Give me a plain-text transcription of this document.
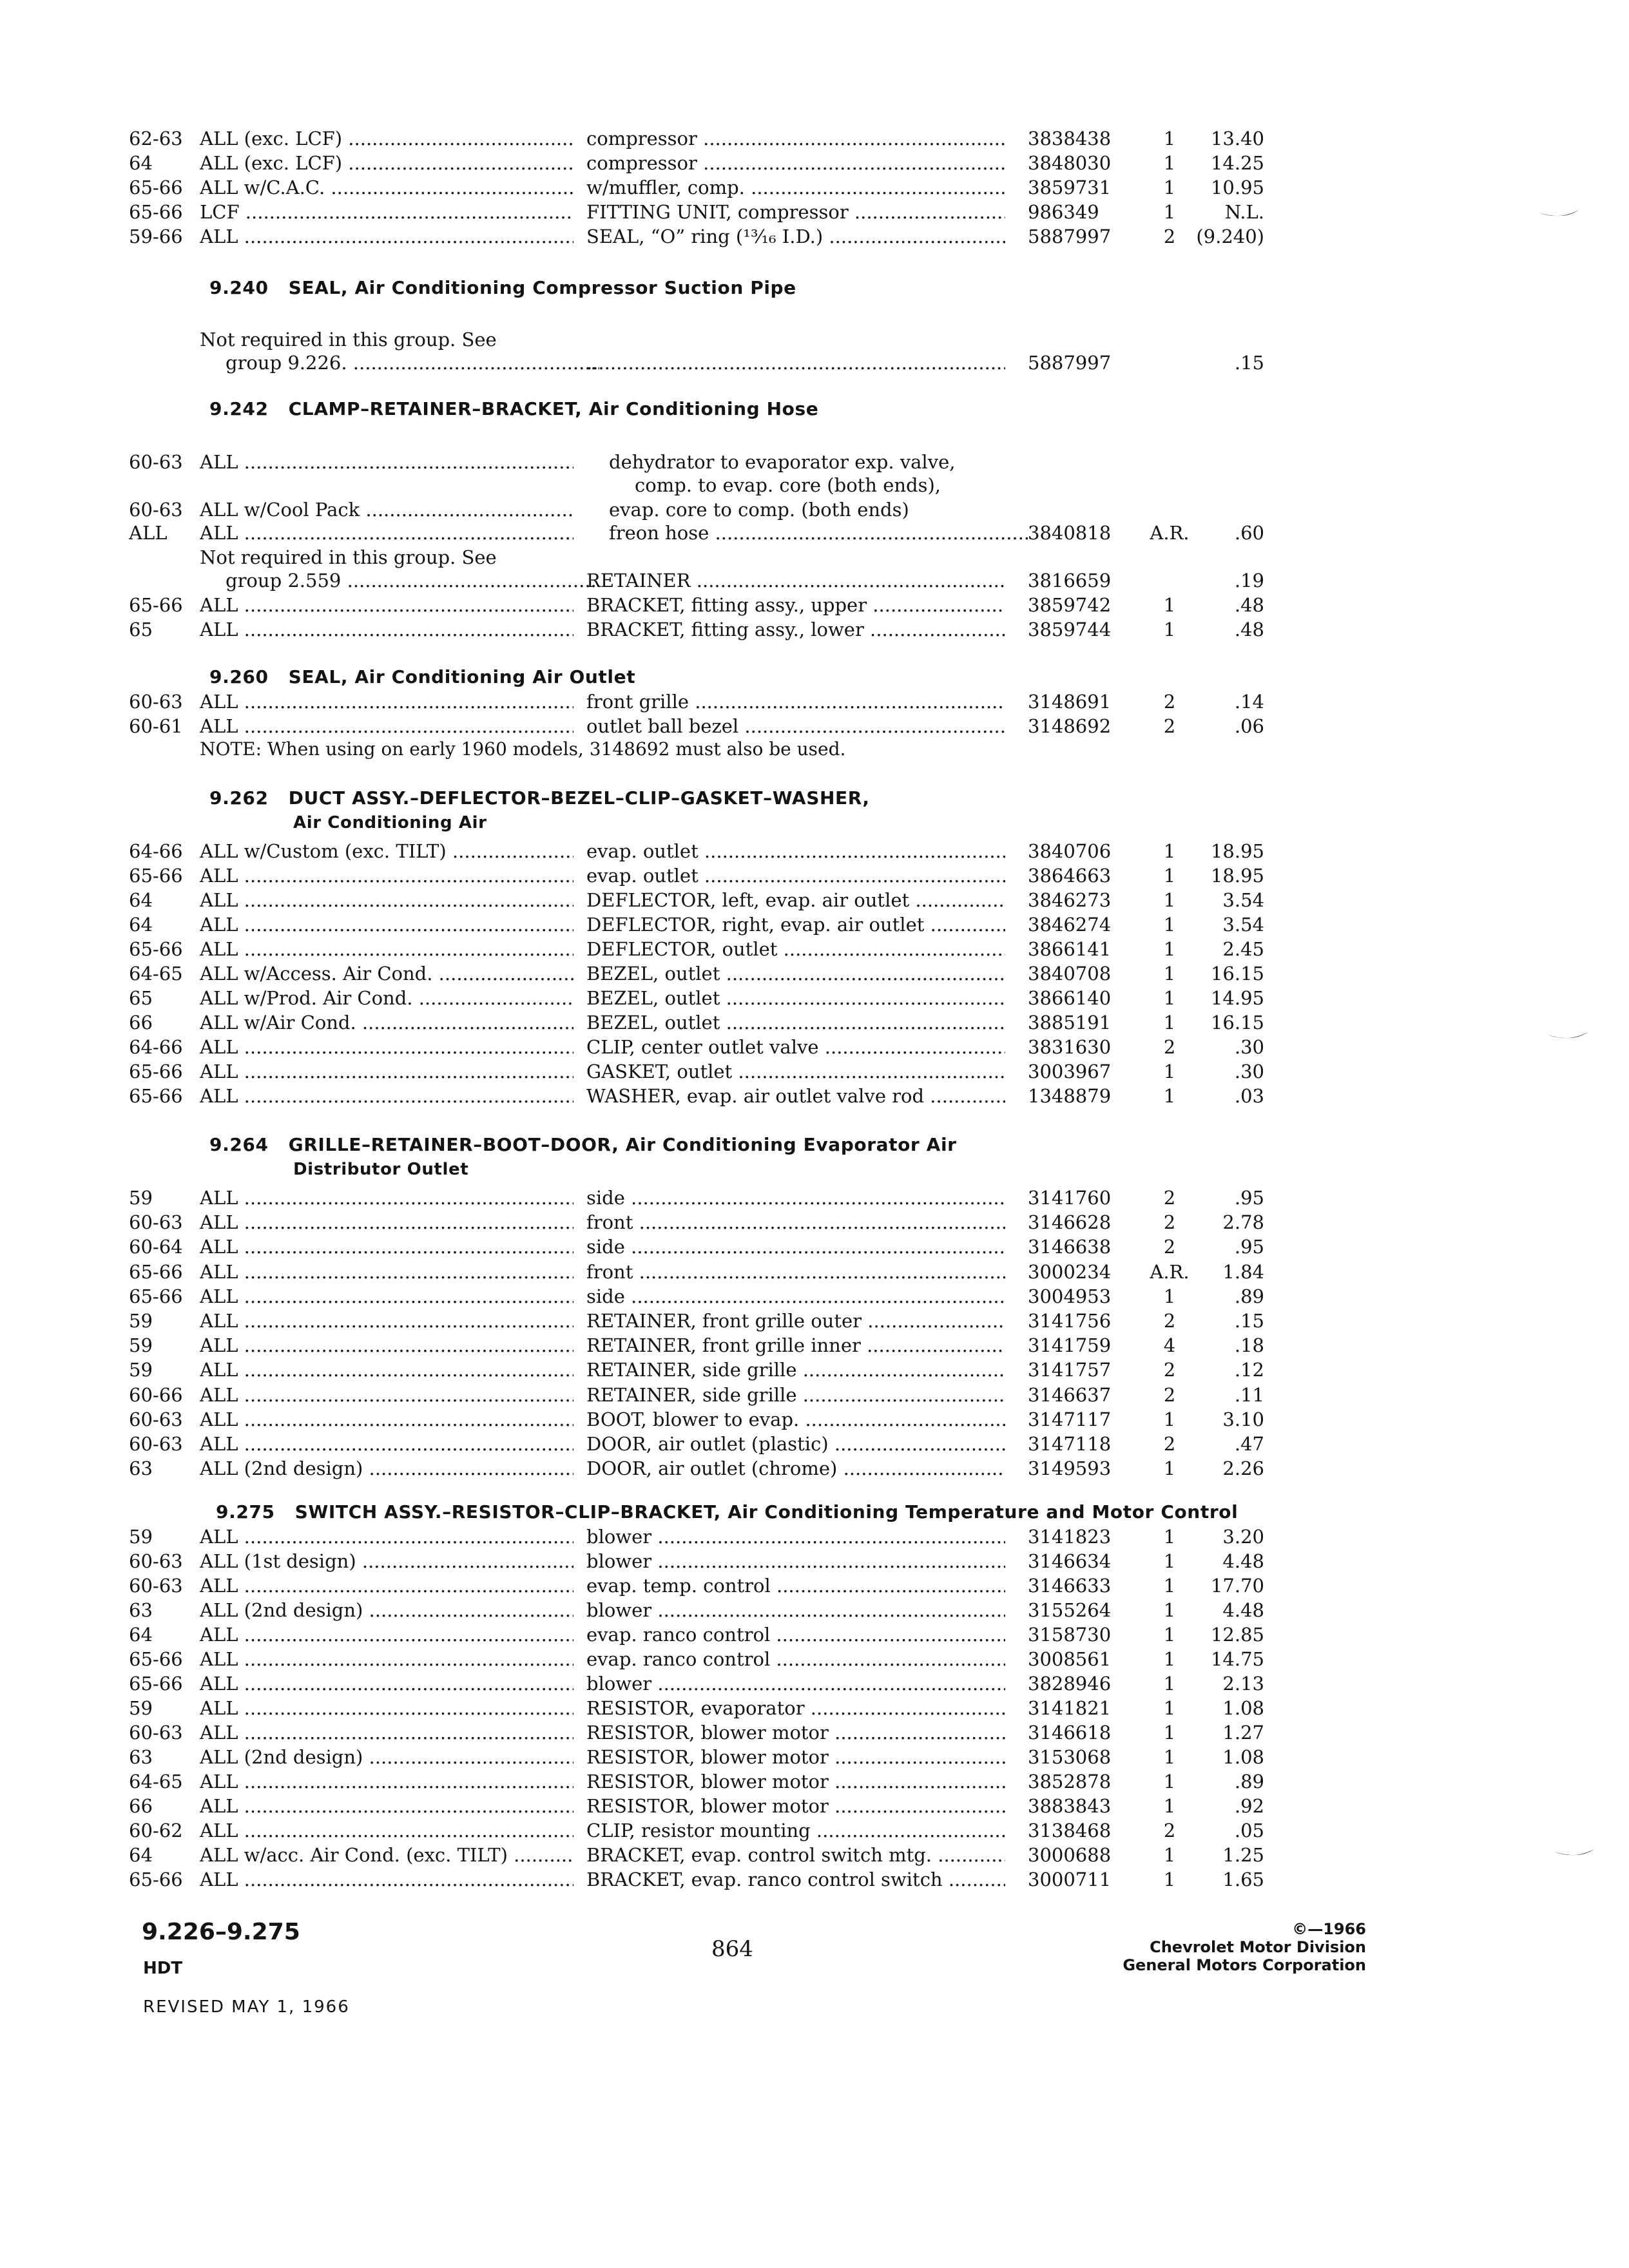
62-63 ALL (exc. LCF) .....	compressor .....	3838438	1	13.40
64	ALL (exc. LCF) .....	compressor .....	3848030	1	14.25
65-66 ALL w/C.A.C. .....	w/muffler, comp. .....	3859731	1	10.95
65-66 LCF .....	FITTING UNIT, compressor .....	986349	1	N.L.
59-66 ALL .....	SEAL, “O” ring (¹³⁄₁₆ I.D.) .....	5887997	2	(9.240)
9.240 SEAL, Air Conditioning Compressor Suction Pipe
Not required in this group. See
group 9.226. .....
.....	5887997	.15
9.242 CLAMP–RETAINER–BRACKET, Air Conditioning Hose
60-63 ALL .....	dehydrator to evaporator exp. valve,
comp. to evap. core (both ends),
60-63 ALL w/Cool Pack .....	evap. core to comp. (both ends)
ALL	ALL .....	freon hose .....	3840818	A.R.	.60
Not required in this group. See
group 2.559 .....	RETAINER .....	3816659	.19
65-66 ALL .....	BRACKET, fitting assy., upper .....	3859742	1	.48
65	ALL .....	BRACKET, fitting assy., lower .....	3859744	1	.48
9.260 SEAL, Air Conditioning Air Outlet
60-63 ALL .....	front grille .....	3148691	2	.14
60-61 ALL .....	outlet ball bezel .....	3148692	2	.06
NOTE: When using on early 1960 models, 3148692 must also be used.
9.262 DUCT ASSY.–DEFLECTOR–BEZEL–CLIP–GASKET–WASHER,
Air Conditioning Air
64-66 ALL w/Custom (exc. TILT) .....	evap. outlet .....	3840706	1	18.95
65-66 ALL .....	evap. outlet .....	3864663	1	18.95
64	ALL .....	DEFLECTOR, left, evap. air outlet .....	3846273	1	3.54
64	ALL .....	DEFLECTOR, right, evap. air outlet .....	3846274	1	3.54
65-66 ALL .....	DEFLECTOR, outlet .....	3866141	1	2.45
64-65 ALL w/Access. Air Cond. .....	BEZEL, outlet .....	3840708	1	16.15
65	ALL w/Prod. Air Cond. .....	BEZEL, outlet .....	3866140	1	14.95
66	ALL w/Air Cond. .....	BEZEL, outlet .....	3885191	1	16.15
64-66 ALL .....	CLIP, center outlet valve .....	3831630	2	.30
65-66 ALL .....	GASKET, outlet .....	3003967	1	.30
65-66 ALL .....	WASHER, evap. air outlet valve rod .....	1348879	1	.03
9.264 GRILLE–RETAINER–BOOT–DOOR, Air Conditioning Evaporator Air
Distributor Outlet
59	ALL .....	side .....	3141760	2	.95
60-63 ALL .....	front .....	3146628	2	2.78
60-64 ALL .....	side .....	3146638	2	.95
65-66 ALL .....	front .....	3000234	A.R.	1.84
65-66 ALL .....	side .....	3004953	1	.89
59	ALL .....	RETAINER, front grille outer .....	3141756	2	.15
59	ALL .....	RETAINER, front grille inner .....	3141759	4	.18
59	ALL .....	RETAINER, side grille .....	3141757	2	.12
60-66 ALL .....	RETAINER, side grille .....	3146637	2	.11
60-63 ALL .....	BOOT, blower to evap. .....	3147117	1	3.10
60-63 ALL .....	DOOR, air outlet (plastic) .....	3147118	2	.47
63	ALL (2nd design) .....	DOOR, air outlet (chrome) .....	3149593	1	2.26
9.275 SWITCH ASSY.–RESISTOR–CLIP–BRACKET, Air Conditioning Temperature and Motor Control
59	ALL .....	blower .....	3141823	1	3.20
60-63 ALL (1st design) .....	blower .....	3146634	1	4.48
60-63 ALL .....	evap. temp. control .....	3146633	1	17.70
63	ALL (2nd design) .....	blower .....	3155264	1	4.48
64	ALL .....	evap. ranco control .....	3158730	1	12.85
65-66 ALL .....	evap. ranco control .....	3008561	1	14.75
65-66 ALL .....	blower .....	3828946	1	2.13
59	ALL .....	RESISTOR, evaporator .....	3141821	1	1.08
60-63 ALL .....	RESISTOR, blower motor .....	3146618	1	1.27
63	ALL (2nd design) .....	RESISTOR, blower motor .....	3153068	1	1.08
64-65 ALL .....	RESISTOR, blower motor .....	3852878	1	.89
66	ALL .....	RESISTOR, blower motor .....	3883843	1	.92
60-62 ALL .....	CLIP, resistor mounting .....	3138468	2	.05
64	ALL w/acc. Air Cond. (exc. TILT) .....	BRACKET, evap. control switch mtg. .....	3000688	1	1.25
65-66 ALL .....	BRACKET, evap. ranco control switch .....	3000711	1	1.65
9.226–9.275
HDT
REVISED MAY 1, 1966
864
©—1966
Chevrolet Motor Division
General Motors Corporation
